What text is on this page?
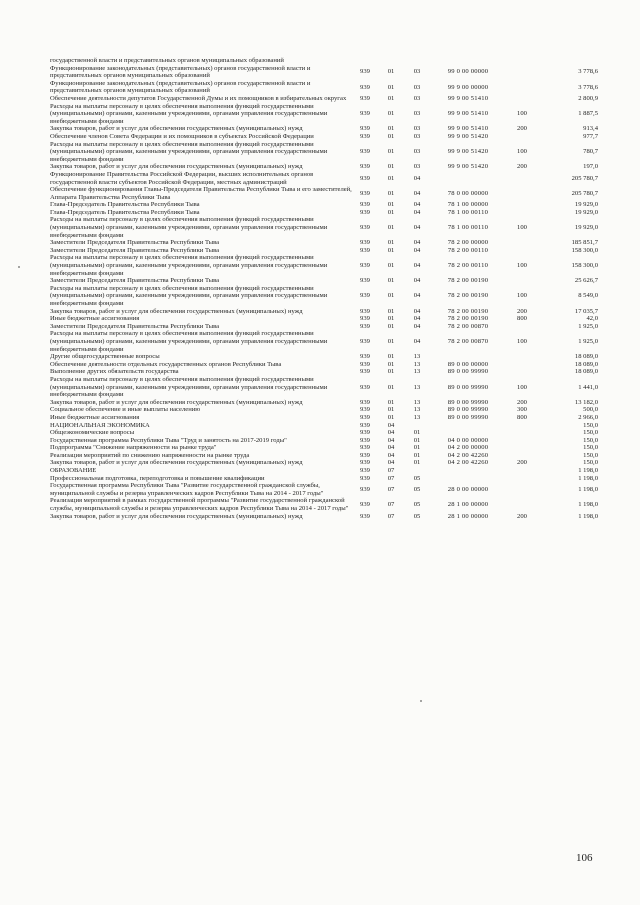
государственной власти и представительных органов муниципальных образований						
Функционирование законодательных (представительных) органов государственной власти и представительных органов муниципальных образований	939	01	03	99 0 00 00000		3 778,6
Функционирование законодательных (представительных) органов государственной власти и представительных органов муниципальных образований	939	01	03	99 9 00 00000		3 778,6
Обеспечение деятельности депутатов Государственной Думы и их помощников в избирательных округах	939	01	03	99 9 00 51410		2 800,9
Расходы на выплаты персоналу в целях обеспечения выполнения функций государственными (муниципальными) органами, казенными учреждениями, органами управления государственными внебюджетными фондами	939	01	03	99 9 00 51410	100	1 887,5
Закупка товаров, работ и услуг для обеспечения государственных (муниципальных) нужд	939	01	03	99 9 00 51410	200	913,4
Обеспечение членов Совета Федерации и их помощников в субъектах Российской Федерации	939	01	03	99 9 00 51420		977,7
Расходы на выплаты персоналу в целях обеспечения выполнения функций государственными (муниципальными) органами, казенными учреждениями, органами управления государственными внебюджетными фондами	939	01	03	99 9 00 51420	100	780,7
Закупка товаров, работ и услуг для обеспечения государственных (муниципальных) нужд	939	01	03	99 9 00 51420	200	197,0
Функционирование Правительства Российской Федерации, высших исполнительных органов государственной власти субъектов Российской Федерации, местных администраций	939	01	04			205 780,7
Обеспечение функционирования Главы-Председателя Правительства Республики Тыва и его заместителей, Аппарата Правительства Республики Тыва	939	01	04	78 0 00 00000		205 780,7
Глава-Председатель Правительства Республики Тыва	939	01	04	78 1 00 00000		19 929,0
Глава-Председатель Правительства Республики Тыва	939	01	04	78 1 00 00110		19 929,0
Расходы на выплаты персоналу в целях обеспечения выполнения функций государственными (муниципальными) органами, казенными учреждениями, органами управления государственными внебюджетными фондами	939	01	04	78 1 00 00110	100	19 929,0
Заместители Председателя Правительства Республики Тыва	939	01	04	78 2 00 00000		185 851,7
Заместители Председателя Правительства Республики Тыва	939	01	04	78 2 00 00110		158 300,0
Расходы на выплаты персоналу в целях обеспечения выполнения функций государственными (муниципальными) органами, казенными учреждениями, органами управления государственными внебюджетными фондами	939	01	04	78 2 00 00110	100	158 300,0
Заместители Председателя Правительства Республики Тыва	939	01	04	78 2 00 00190		25 626,7
Расходы на выплаты персоналу в целях обеспечения выполнения функций государственными (муниципальными) органами, казенными учреждениями, органами управления государственными внебюджетными фондами	939	01	04	78 2 00 00190	100	8 549,0
Закупка товаров, работ и услуг для обеспечения государственных (муниципальных) нужд	939	01	04	78 2 00 00190	200	17 035,7
Иные бюджетные ассигнования	939	01	04	78 2 00 00190	800	42,0
Заместители Председателя Правительства Республики Тыва	939	01	04	78 2 00 00870		1 925,0
Расходы на выплаты персоналу в целях обеспечения выполнения функций государственными (муниципальными) органами, казенными учреждениями, органами управления государственными внебюджетными фондами	939	01	04	78 2 00 00870	100	1 925,0
Другие общегосударственные вопросы	939	01	13			18 089,0
Обеспечение деятельности отдельных государственных органов Республики Тыва	939	01	13	89 0 00 00000		18 089,0
Выполнение других обязательств государства	939	01	13	89 0 00 99990		18 089,0
Расходы на выплаты персоналу в целях обеспечения выполнения функций государственными (муниципальными) органами, казенными учреждениями, органами управления государственными внебюджетными фондами	939	01	13	89 0 00 99990	100	1 441,0
Закупка товаров, работ и услуг для обеспечения государственных (муниципальных) нужд	939	01	13	89 0 00 99990	200	13 182,0
Социальное обеспечение и иные выплаты населению	939	01	13	89 0 00 99990	300	500,0
Иные бюджетные ассигнования	939	01	13	89 0 00 99990	800	2 966,0
НАЦИОНАЛЬНАЯ ЭКОНОМИКА	939	04				150,0
Общеэкономические вопросы	939	04	01			150,0
Государственная программа Республики Тыва "Труд и занятость на 2017-2019 годы"	939	04	01	04 0 00 00000		150,0
Подпрограмма "Снижение напряженности на рынке труда"	939	04	01	04 2 00 00000		150,0
Реализация мероприятий по снижению напряженности на рынке труда	939	04	01	04 2 00 42260		150,0
Закупка товаров, работ и услуг для обеспечения государственных (муниципальных) нужд	939	04	01	04 2 00 42260	200	150,0
ОБРАЗОВАНИЕ	939	07				1 198,0
Профессиональная подготовка, переподготовка и повышение квалификации	939	07	05			1 198,0
Государственная программа Республики Тыва "Развитие государственной гражданской службы, муниципальной службы и резерва управленческих кадров Республики Тыва на 2014 - 2017 годы"	939	07	05	28 0 00 00000		1 198,0
Реализация мероприятий в рамках государственной программы "Развитие государственной гражданской службы, муниципальной службы и резерва управленческих кадров Республики Тыва на 2014 - 2017 годы"	939	07	05	28 1 00 00000		1 198,0
Закупка товаров, работ и услуг для обеспечения государственных (муниципальных) нужд	939	07	05	28 1 00 00000	200	1 198,0
106
